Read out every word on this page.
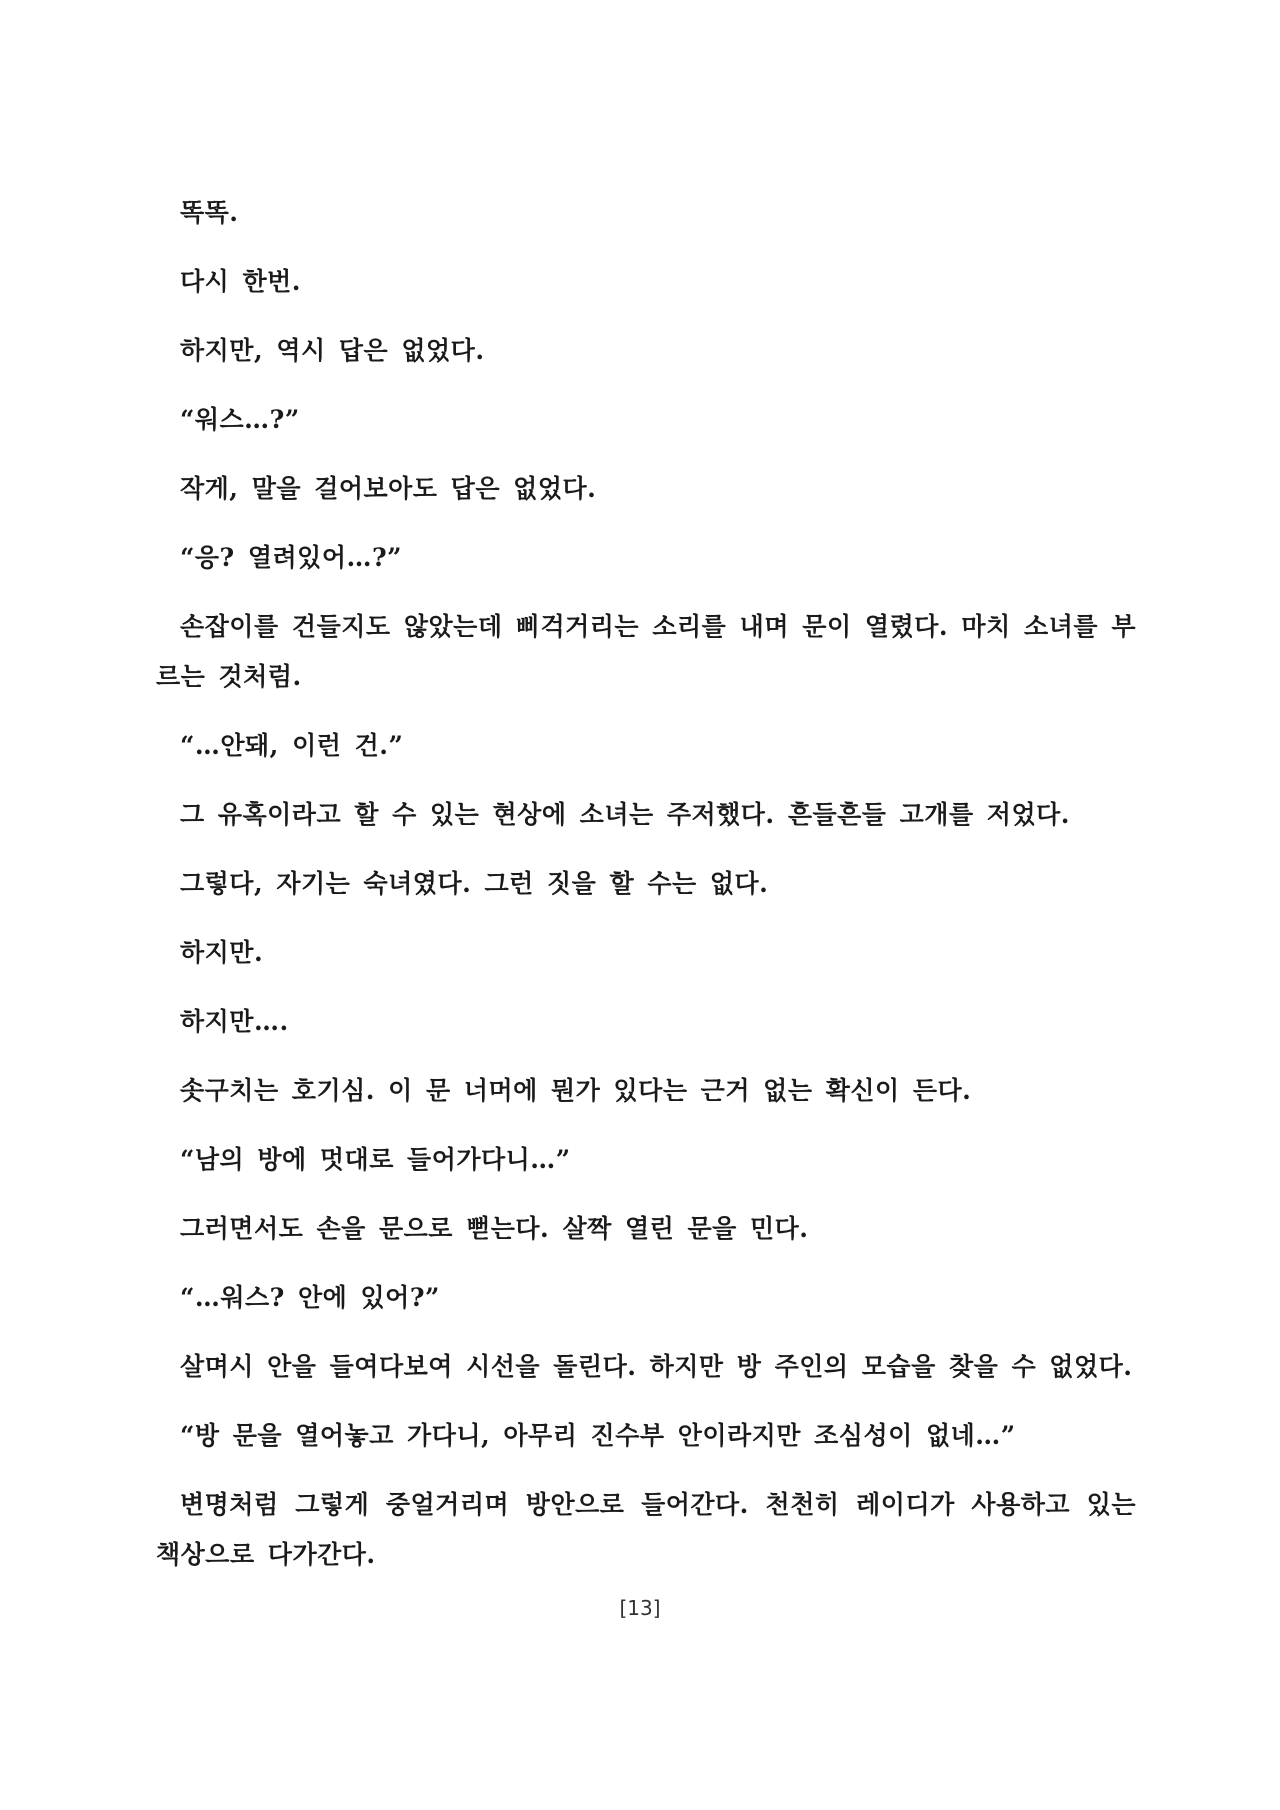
똑똑.

다시 한번.

하지만, 역시 답은 없었다.

“워스…?”

작게, 말을 걸어보아도 답은 없었다.

“응? 열려있어…?”

손잡이를 건들지도 않았는데 삐걱거리는 소리를 내며 문이 열렸다. 마치 소녀를 부르는 것처럼.

“…안돼, 이런 건.”

그 유혹이라고 할 수 있는 현상에 소녀는 주저했다. 흔들흔들 고개를 저었다.

그렇다, 자기는 숙녀였다. 그런 짓을 할 수는 없다.

하지만.

하지만….

솟구치는 호기심. 이 문 너머에 뭔가 있다는 근거 없는 확신이 든다.

“남의 방에 멋대로 들어가다니…”

그러면서도 손을 문으로 뻗는다. 살짝 열린 문을 민다.

“…워스? 안에 있어?”

살며시 안을 들여다보여 시선을 돌린다. 하지만 방 주인의 모습을 찾을 수 없었다.

“방 문을 열어놓고 가다니, 아무리 진수부 안이라지만 조심성이 없네…”

변명처럼 그렇게 중얼거리며 방안으로 들어간다. 천천히 레이디가 사용하고 있는 책상으로 다가간다.

[13]
